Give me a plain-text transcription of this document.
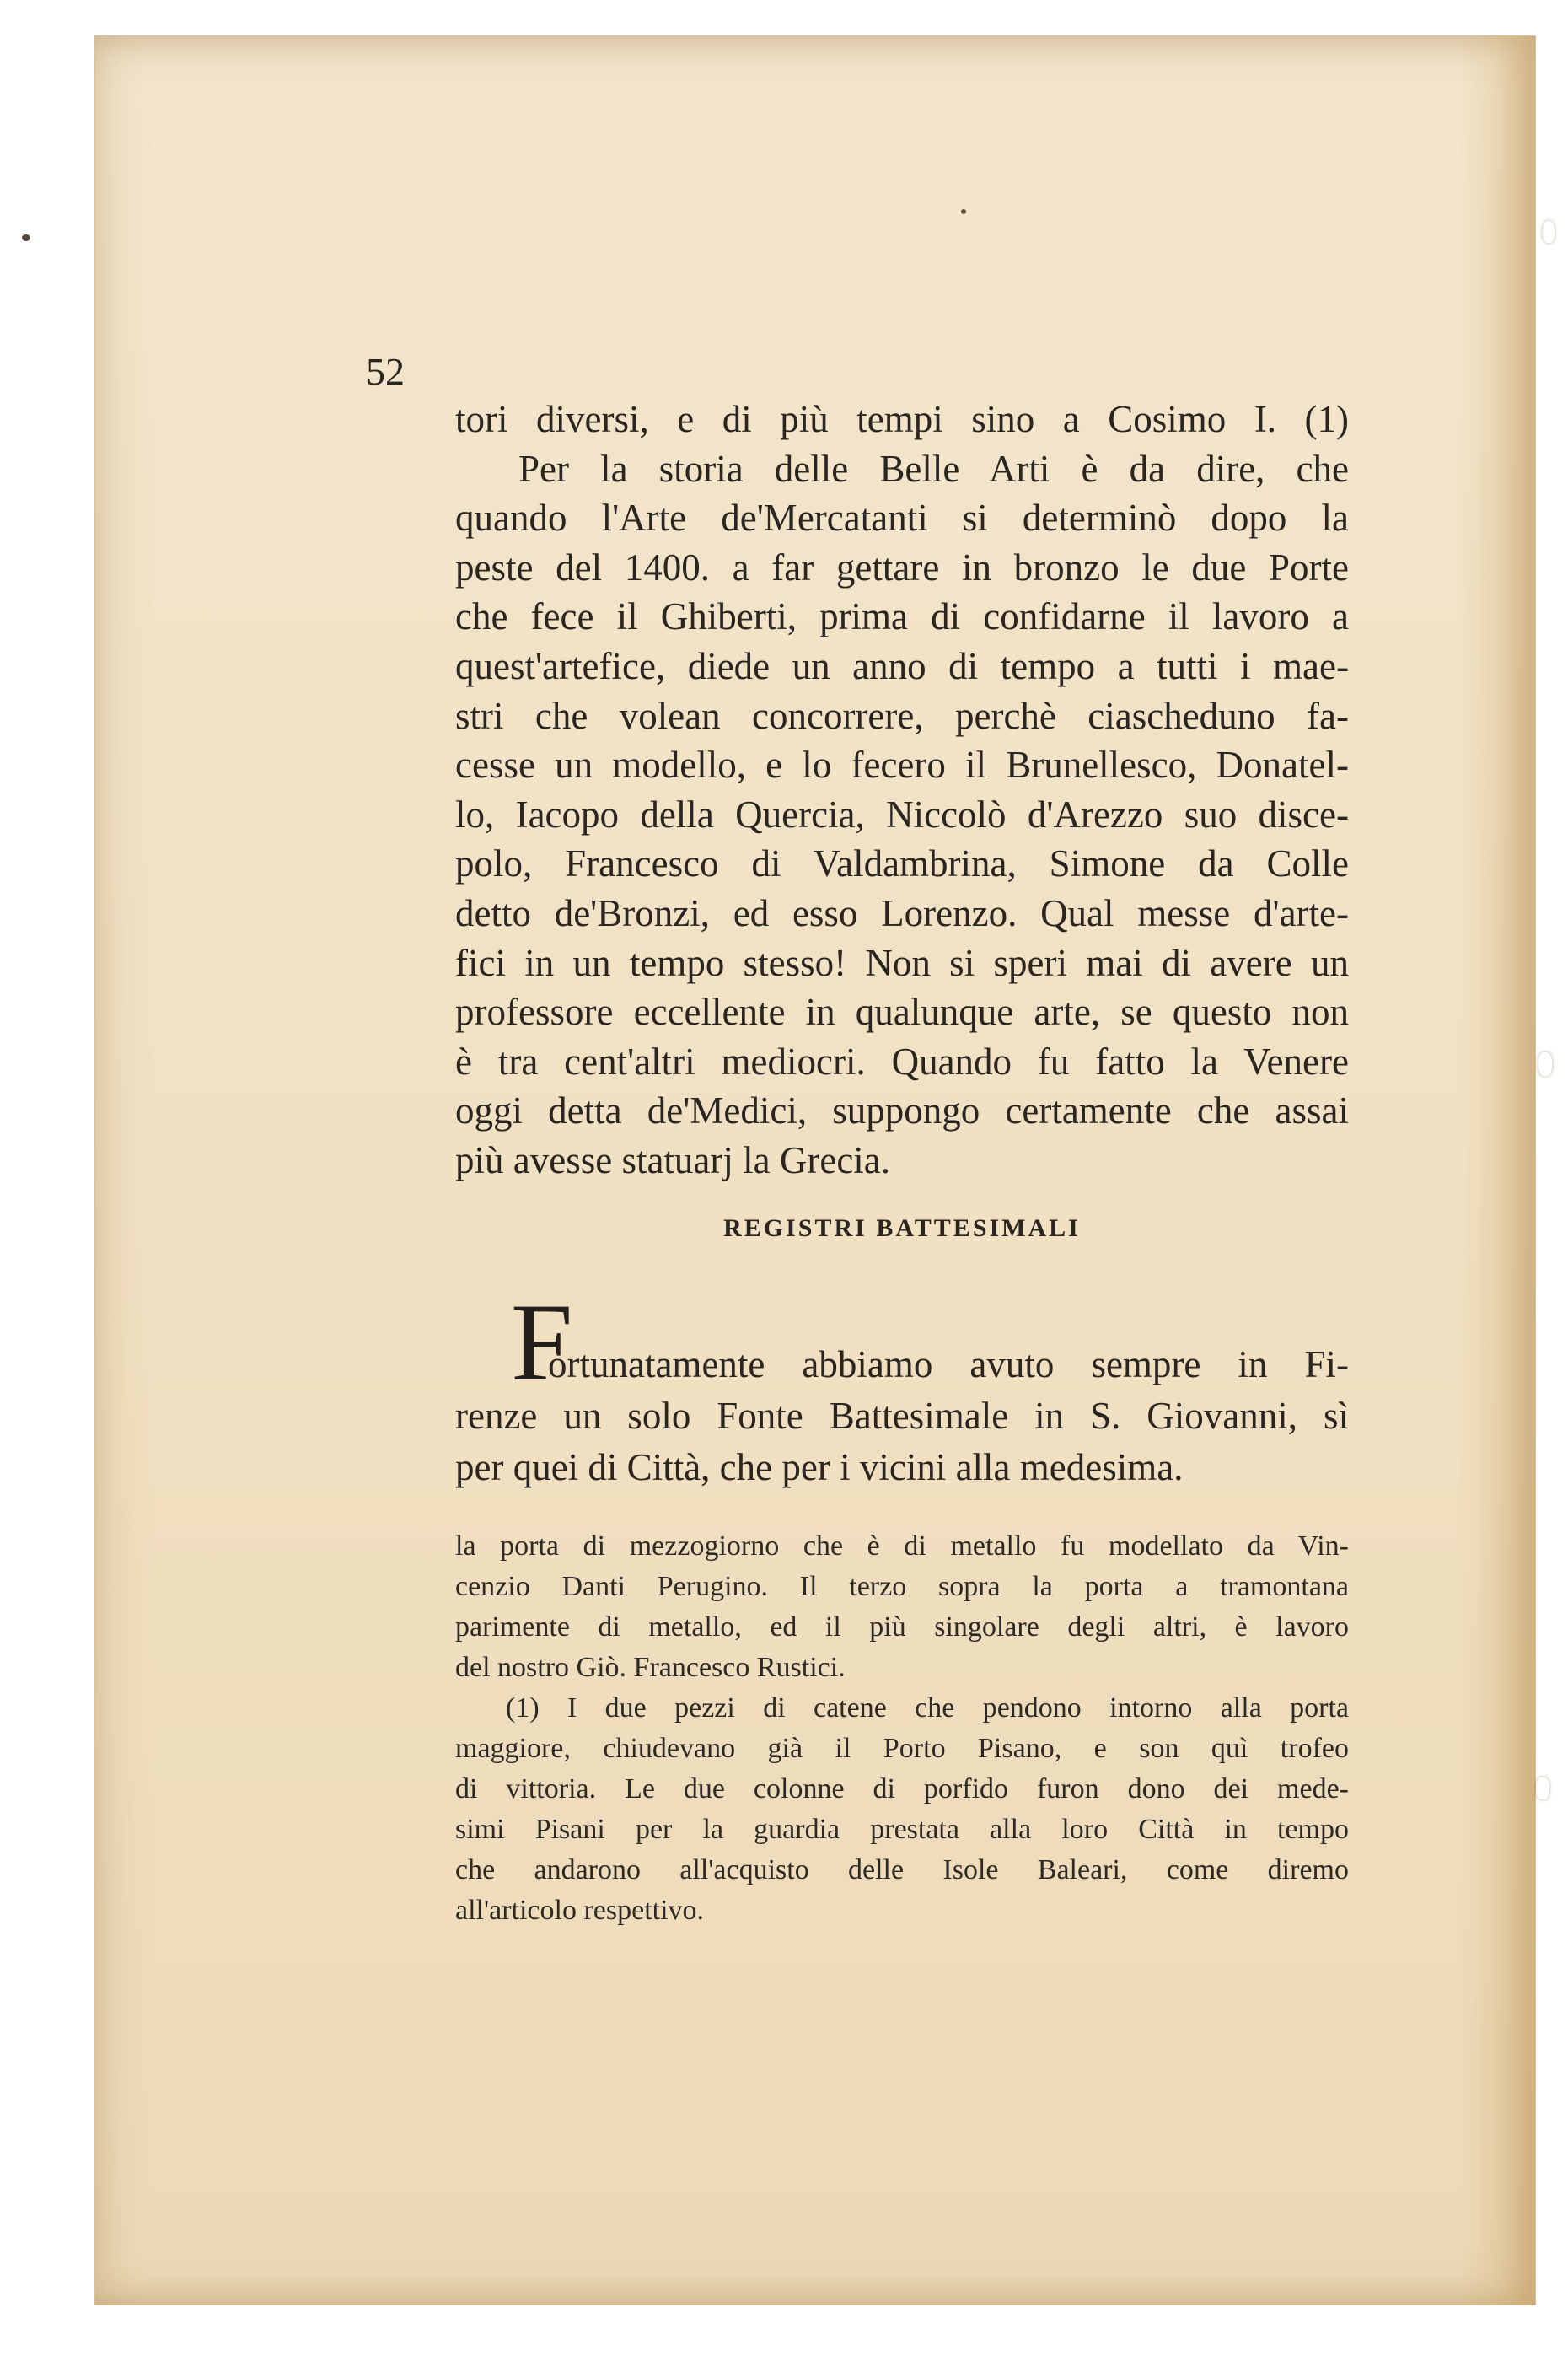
52
tori diversi, e di più tempi sino a Cosimo I. (1)
Per la storia delle Belle Arti è da dire, che
quando l'Arte de'Mercatanti si determinò dopo la
peste del 1400. a far gettare in bronzo le due Porte
che fece il Ghiberti, prima di confidarne il lavoro a
quest'artefice, diede un anno di tempo a tutti i mae-
stri che volean concorrere, perchè ciascheduno fa-
cesse un modello, e lo fecero il Brunellesco, Donatel-
lo, Iacopo della Quercia, Niccolò d'Arezzo suo disce-
polo, Francesco di Valdambrina, Simone da Colle
detto de'Bronzi, ed esso Lorenzo. Qual messe d'arte-
fici in un tempo stesso! Non si speri mai di avere un
professore eccellente in qualunque arte, se questo non
è tra cent'altri mediocri. Quando fu fatto la Venere
oggi detta de'Medici, suppongo certamente che assai
più avesse statuarj la Grecia.
REGISTRI BATTESIMALI
F
ortunatamente abbiamo avuto sempre in Fi-
renze un solo Fonte Battesimale in S. Giovanni, sì
per quei di Città, che per i vicini alla medesima.
la porta di mezzogiorno che è di metallo fu modellato da Vin-
cenzio Danti Perugino. Il terzo sopra la porta a tramontana
parimente di metallo, ed il più singolare degli altri, è lavoro
del nostro Giò. Francesco Rustici.
(1) I due pezzi di catene che pendono intorno alla porta
maggiore, chiudevano già il Porto Pisano, e son quì trofeo
di vittoria. Le due colonne di porfido furon dono dei mede-
simi Pisani per la guardia prestata alla loro Città in tempo
che andarono all'acquisto delle Isole Baleari, come diremo
all'articolo respettivo.
